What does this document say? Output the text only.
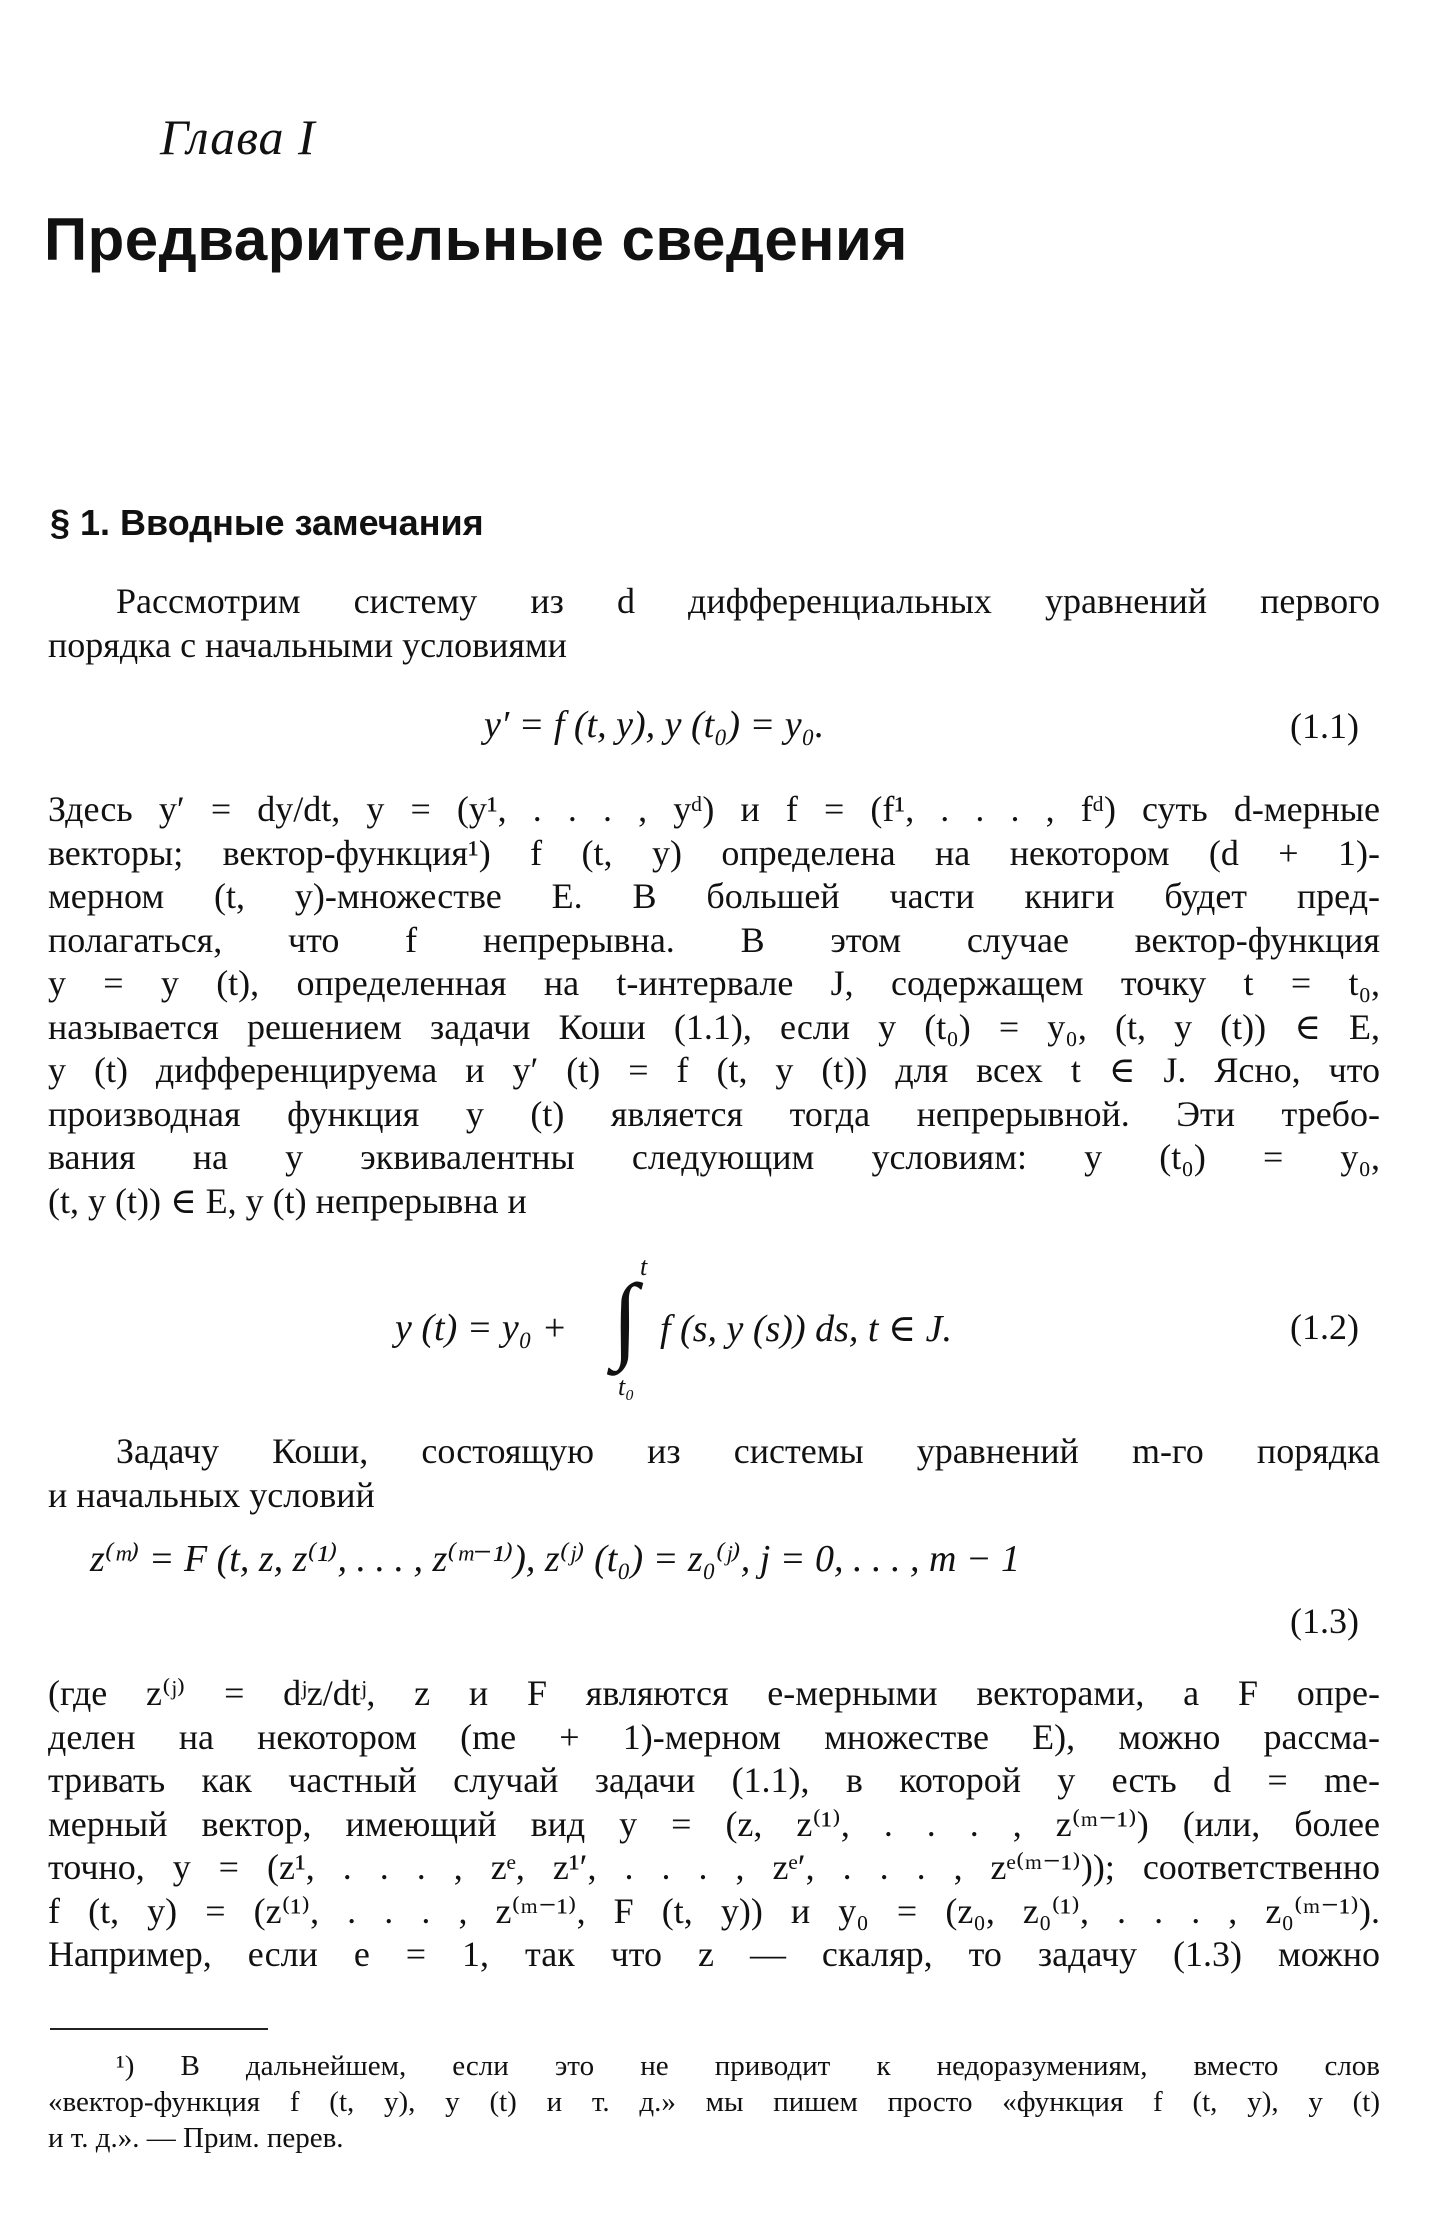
Глава I
Предварительные сведения
§ 1. Вводные замечания
Рассмотрим систему из d дифференциальных уравнений первого
порядка с начальными условиями
y′ = f (t, y), y (t₀) = y₀.	(1.1)
Здесь y′ = dy/dt, y = (y¹, . . . , yᵈ) и f = (f¹, . . . , fᵈ) суть d-мерные
векторы; вектор-функция¹) f (t, y) определена на некотором (d + 1)-
мерном (t, y)-множестве E. В большей части книги будет пред-
полагаться, что f непрерывна. В этом случае вектор-функция
y = y (t), определенная на t-интервале J, содержащем точку t = t₀,
называется решением задачи Коши (1.1), если y (t₀) = y₀, (t, y (t)) ∈ E,
y (t) дифференцируема и y′ (t) = f (t, y (t)) для всех t ∈ J. Ясно, что
производная функция y (t) является тогда непрерывной. Эти требо-
вания на y эквивалентны следующим условиям: y (t₀) = y₀,
(t, y (t)) ∈ E, y (t) непрерывна и
y (t) = y₀ +
t
∫
t₀
f (s, y (s)) ds, t ∈ J.	(1.2)
Задачу Коши, состоящую из системы уравнений m-го порядка
и начальных условий
z⁽ᵐ⁾ = F (t, z, z⁽¹⁾, . . . , z⁽ᵐ⁻¹⁾), z⁽ʲ⁾ (t₀) = z₀⁽ʲ⁾, j = 0, . . . , m − 1
(1.3)
(где z⁽ʲ⁾ = dʲz/dtʲ, z и F являются e-мерными векторами, а F опре-
делен на некотором (me + 1)-мерном множестве E), можно рассма-
тривать как частный случай задачи (1.1), в которой y есть d = me-
мерный вектор, имеющий вид y = (z, z⁽¹⁾, . . . , z⁽ᵐ⁻¹⁾) (или, более
точно, y = (z¹, . . . , zᵉ, z¹′, . . . , zᵉ′, . . . , zᵉ⁽ᵐ⁻¹⁾)); соответственно
f (t, y) = (z⁽¹⁾, . . . , z⁽ᵐ⁻¹⁾, F (t, y)) и y₀ = (z₀, z₀⁽¹⁾, . . . , z₀⁽ᵐ⁻¹⁾).
Например, если e = 1, так что z — скаляр, то задачу (1.3) можно
¹) В дальнейшем, если это не приводит к недоразумениям, вместо слов
«вектор-функция f (t, y), y (t) и т. д.» мы пишем просто «функция f (t, y), y (t)
и т. д.». — Прим. перев.
